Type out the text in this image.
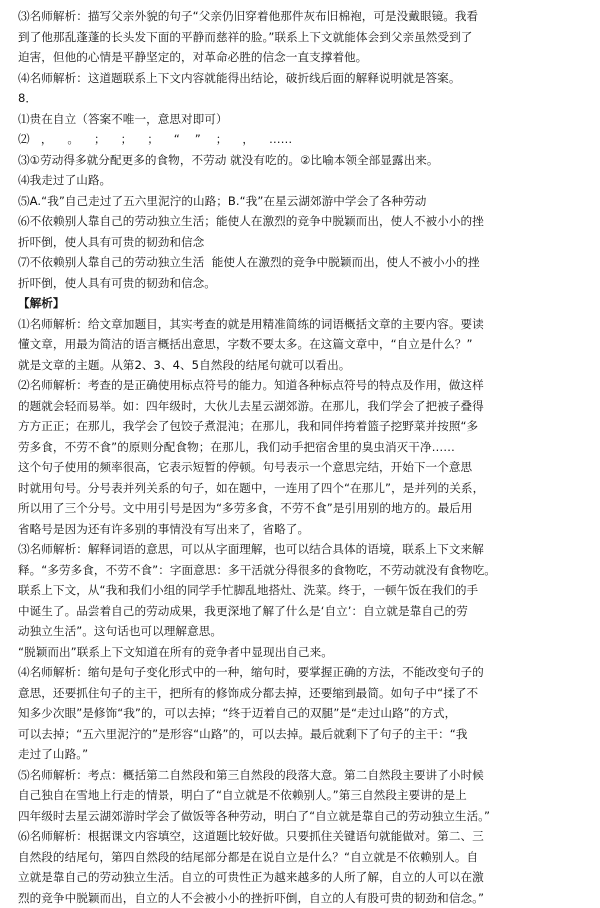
⑶名师解析：描写父亲外貌的句子“父亲仍旧穿着他那件灰布旧棉袍，可是没戴眼镜。我看
到了他那乱蓬蓬的长头发下面的平静而慈祥的脸。”联系上下文就能体会到父亲虽然受到了
迫害，但他的心情是平静坚定的，对革命必胜的信念一直支撑着他。
⑷名师解析：这道题联系上下文内容就能得出结论，破折线后面的解释说明就是答案。
8．
⑴贵在自立（答案不唯一，意思对即可）
⑵   ，    。    ；    ；    ；    “    ”    ；    ，    ……
⑶①劳动得多就分配更多的食物，不劳动 就没有吃的。②比喻本领全部显露出来。
⑷我走过了山路。
⑸A.“我”自己走过了五六里泥泞的山路；B.“我”在星云湖郊游中学会了各种劳动
⑹不依赖别人靠自己的劳动独立生活；能使人在激烈的竞争中脱颖而出，使人不被小小的挫
折吓倒，使人具有可贵的韧劲和信念
⑺不依赖别人靠自己的劳动独立生活  能使人在激烈的竞争中脱颖而出，使人不被小小的挫
折吓倒，使人具有可贵的韧劲和信念。
【解析】
⑴名师解析：给文章加题目，其实考查的就是用精准简练的词语概括文章的主要内容。要读
懂文章，用最为简洁的语言概括出意思，字数不要太多。在这篇文章中，“自立是什么？”
就是文章的主题。从第2、3、4、5自然段的结尾句就可以看出。
⑵名师解析：考查的是正确使用标点符号的能力。知道各种标点符号的特点及作用，做这样
的题就会轻而易举。如：四年级时，大伙儿去星云湖郊游。在那儿，我们学会了把被子叠得
方方正正；在那儿，我学会了包饺子煮混沌；在那儿，我和同伴挎着篮子挖野菜并按照“多
劳多食，不劳不食”的原则分配食物；在那儿，我们动手把宿舍里的臭虫消灭干净……
这个句子使用的频率很高，它表示短暂的停顿。句号表示一个意思完结，开始下一个意思
时就用句号。分号表并列关系的句子，如在题中，一连用了四个“在那儿”，是并列的关系，
所以用了三个分号。文中用引号是因为“多劳多食，不劳不食”是引用别的地方的。最后用
省略号是因为还有许多别的事情没有写出来了，省略了。
⑶名师解析：解释词语的意思，可以从字面理解，也可以结合具体的语境，联系上下文来解
释。“多劳多食，不劳不食”：字面意思：多干活就分得很多的食物吃，不劳动就没有食物吃。
联系上下文，从“我和我们小组的同学手忙脚乱地搭灶、洗菜。终于，一顿午饭在我们的手
中诞生了。品尝着自己的劳动成果，我更深地了解了什么是‘自立’：自立就是靠自己的劳
动独立生活”。这句话也可以理解意思。
“脱颖而出”联系上下文知道在所有的竞争者中显现出自己来。
⑷名师解析：缩句是句子变化形式中的一种，缩句时，要掌握正确的方法，不能改变句子的
意思，还要抓住句子的主干，把所有的修饰成分都去掉，还要缩到最简。如句子中“揉了不
知多少次眼”是修饰“我”的，可以去掉；“终于迈着自己的双腿”是“走过山路”的方式，
可以去掉；“五六里泥泞的”是形容“山路”的，可以去掉。最后就剩下了句子的主干：“我
走过了山路。”
⑸名师解析：考点：概括第二自然段和第三自然段的段落大意。第二自然段主要讲了小时候
自己独自在雪地上行走的情景，明白了“自立就是不依赖别人。”第三自然段主要讲的是上
四年级时去星云湖郊游时学会了做饭等各种劳动，明白了“自立就是靠自己的劳动独立生活。”
⑹名师解析：根据课文内容填空，这道题比较好做。只要抓住关键语句就能做对。第二、三
自然段的结尾句，第四自然段的结尾部分都是在说自立是什么？“自立就是不依赖别人。自
立就是靠自己的劳动独立生活。自立的可贵性正为越来越多的人所了解，自立的人可以在激
烈的竞争中脱颖而出，自立的人不会被小小的挫折吓倒，自立的人有股可贵的韧劲和信念。”
